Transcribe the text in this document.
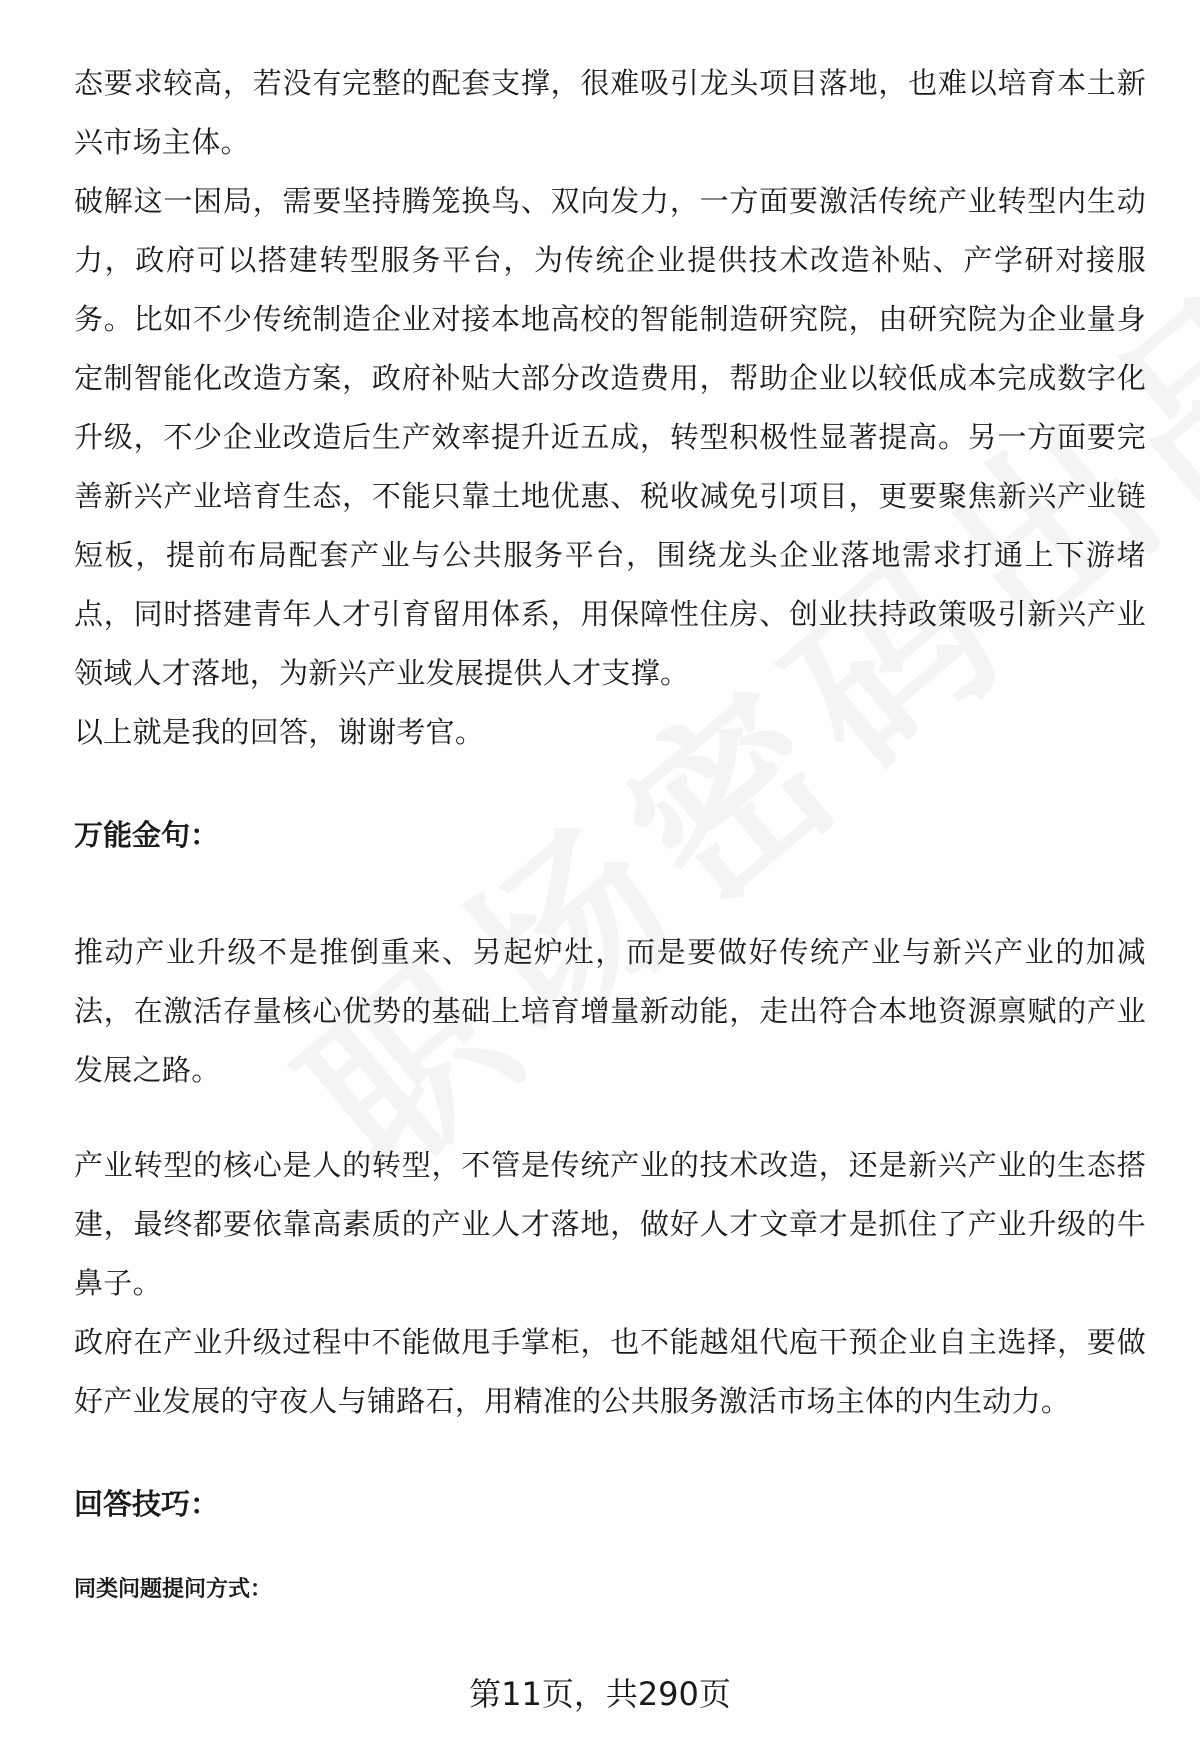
态要求较高，若没有完整的配套支撑，很难吸引龙头项目落地，也难以培育本土新兴市场主体。

破解这一困局，需要坚持腾笼换鸟、双向发力，一方面要激活传统产业转型内生动力，政府可以搭建转型服务平台，为传统企业提供技术改造补贴、产学研对接服务。比如不少传统制造企业对接本地高校的智能制造研究院，由研究院为企业量身定制智能化改造方案，政府补贴大部分改造费用，帮助企业以较低成本完成数字化升级，不少企业改造后生产效率提升近五成，转型积极性显著提高。另一方面要完善新兴产业培育生态，不能只靠土地优惠、税收减免引项目，更要聚焦新兴产业链短板，提前布局配套产业与公共服务平台，围绕龙头企业落地需求打通上下游堵点，同时搭建青年人才引育留用体系，用保障性住房、创业扶持政策吸引新兴产业领域人才落地，为新兴产业发展提供人才支撑。

以上就是我的回答，谢谢考官。

万能金句：

推动产业升级不是推倒重来、另起炉灶，而是要做好传统产业与新兴产业的加减法，在激活存量核心优势的基础上培育增量新动能，走出符合本地资源禀赋的产业发展之路。

产业转型的核心是人的转型，不管是传统产业的技术改造，还是新兴产业的生态搭建，最终都要依靠高素质的产业人才落地，做好人才文章才是抓住了产业升级的牛鼻子。

政府在产业升级过程中不能做甩手掌柜，也不能越俎代庖干预企业自主选择，要做好产业发展的守夜人与铺路石，用精准的公共服务激活市场主体的内生动力。

回答技巧：

同类问题提问方式：

第11页，共290页
